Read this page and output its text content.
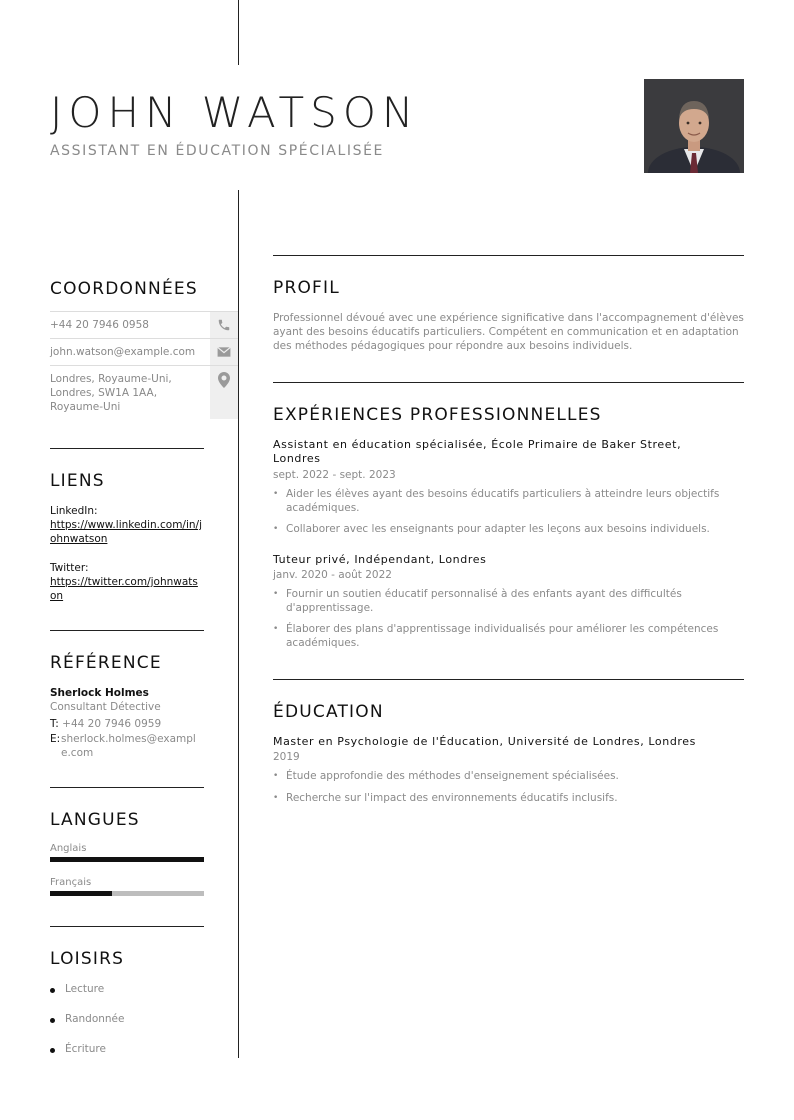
JOHN WATSON
ASSISTANT EN ÉDUCATION SPÉCIALISÉE
COORDONNÉES
+44 20 7946 0958
john.watson@example.com
Londres, Royaume-Uni, Londres, SW1A 1AA, Royaume-Uni
LIENS
LinkedIn:
https://www.linkedin.com/in/johnwatson
Twitter:
https://twitter.com/johnwatson
RÉFÉRENCE
Sherlock Holmes
Consultant Détective
T: +44 20 7946 0959
E: sherlock.holmes@example.com
LANGUES
Anglais
Français
LOISIRS
Lecture
Randonnée
Écriture
PROFIL
Professionnel dévoué avec une expérience significative dans l'accompagnement d'élèves ayant des besoins éducatifs particuliers. Compétent en communication et en adaptation des méthodes pédagogiques pour répondre aux besoins individuels.
EXPÉRIENCES PROFESSIONNELLES
Assistant en éducation spécialisée, École Primaire de Baker Street, Londres
sept. 2022 - sept. 2023
• Aider les élèves ayant des besoins éducatifs particuliers à atteindre leurs objectifs académiques.
• Collaborer avec les enseignants pour adapter les leçons aux besoins individuels.
Tuteur privé, Indépendant, Londres
janv. 2020 - août 2022
• Fournir un soutien éducatif personnalisé à des enfants ayant des difficultés d'apprentissage.
• Élaborer des plans d'apprentissage individualisés pour améliorer les compétences académiques.
ÉDUCATION
Master en Psychologie de l'Éducation, Université de Londres, Londres
2019
• Étude approfondie des méthodes d'enseignement spécialisées.
• Recherche sur l'impact des environnements éducatifs inclusifs.
